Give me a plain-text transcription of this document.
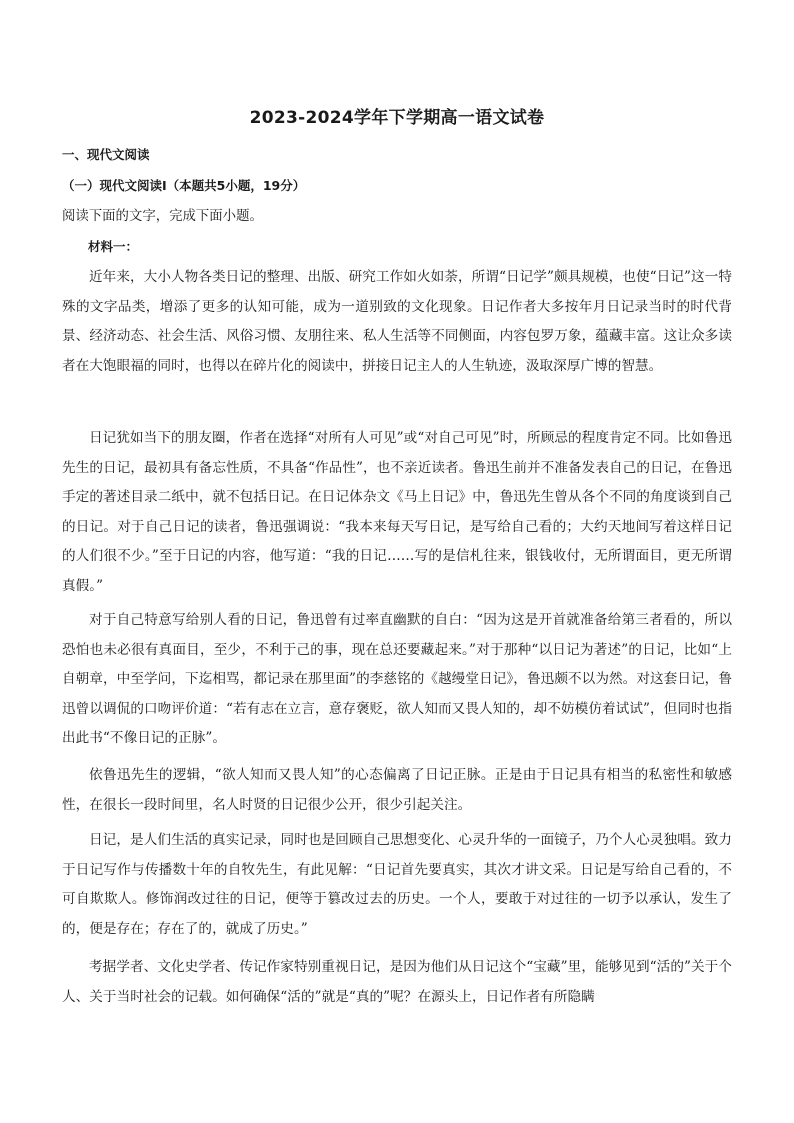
2023-2024学年下学期高一语文试卷
一、现代文阅读
（一）现代文阅读Ⅰ（本题共5小题，19分）
阅读下面的文字，完成下面小题。
材料一：
近年来，大小人物各类日记的整理、出版、研究工作如火如荼，所谓“日记学”颇具规模，也使“日记”这一特殊的文字品类，增添了更多的认知可能，成为一道别致的文化现象。日记作者大多按年月日记录当时的时代背景、经济动态、社会生活、风俗习惯、友朋往来、私人生活等不同侧面，内容包罗万象，蕴藏丰富。这让众多读者在大饱眼福的同时，也得以在碎片化的阅读中，拼接日记主人的人生轨迹，汲取深厚广博的智慧。
日记犹如当下的朋友圈，作者在选择“对所有人可见”或“对自己可见”时，所顾忌的程度肯定不同。比如鲁迅先生的日记，最初具有备忘性质，不具备“作品性”，也不亲近读者。鲁迅生前并不准备发表自己的日记，在鲁迅手定的著述目录二纸中，就不包括日记。在日记体杂文《马上日记》中，鲁迅先生曾从各个不同的角度谈到自己的日记。对于自己日记的读者，鲁迅强调说：“我本来每天写日记，是写给自己看的；大约天地间写着这样日记的人们很不少。”至于日记的内容，他写道：“我的日记……写的是信札往来，银钱收付，无所谓面目，更无所谓真假。”
对于自己特意写给别人看的日记，鲁迅曾有过率直幽默的自白：“因为这是开首就准备给第三者看的，所以恐怕也未必很有真面目，至少，不利于己的事，现在总还要藏起来。”对于那种“以日记为著述”的日记，比如“上自朝章，中至学问，下迄相骂，都记录在那里面”的李慈铭的《越缦堂日记》，鲁迅颇不以为然。对这套日记，鲁迅曾以调侃的口吻评价道：“若有志在立言，意存褒贬，欲人知而又畏人知的，却不妨模仿着试试”，但同时也指出此书“不像日记的正脉”。
依鲁迅先生的逻辑，“欲人知而又畏人知”的心态偏离了日记正脉。正是由于日记具有相当的私密性和敏感性，在很长一段时间里，名人时贤的日记很少公开，很少引起关注。
日记，是人们生活的真实记录，同时也是回顾自己思想变化、心灵升华的一面镜子，乃个人心灵独唱。致力于日记写作与传播数十年的自牧先生，有此见解：“日记首先要真实，其次才讲文采。日记是写给自己看的，不可自欺欺人。修饰润改过往的日记，便等于篡改过去的历史。一个人，要敢于对过往的一切予以承认，发生了的，便是存在；存在了的，就成了历史。”
考据学者、文化史学者、传记作家特别重视日记，是因为他们从日记这个“宝藏”里，能够见到“活的”关于个人、关于当时社会的记载。如何确保“活的”就是“真的”呢？在源头上，日记作者有所隐瞒
